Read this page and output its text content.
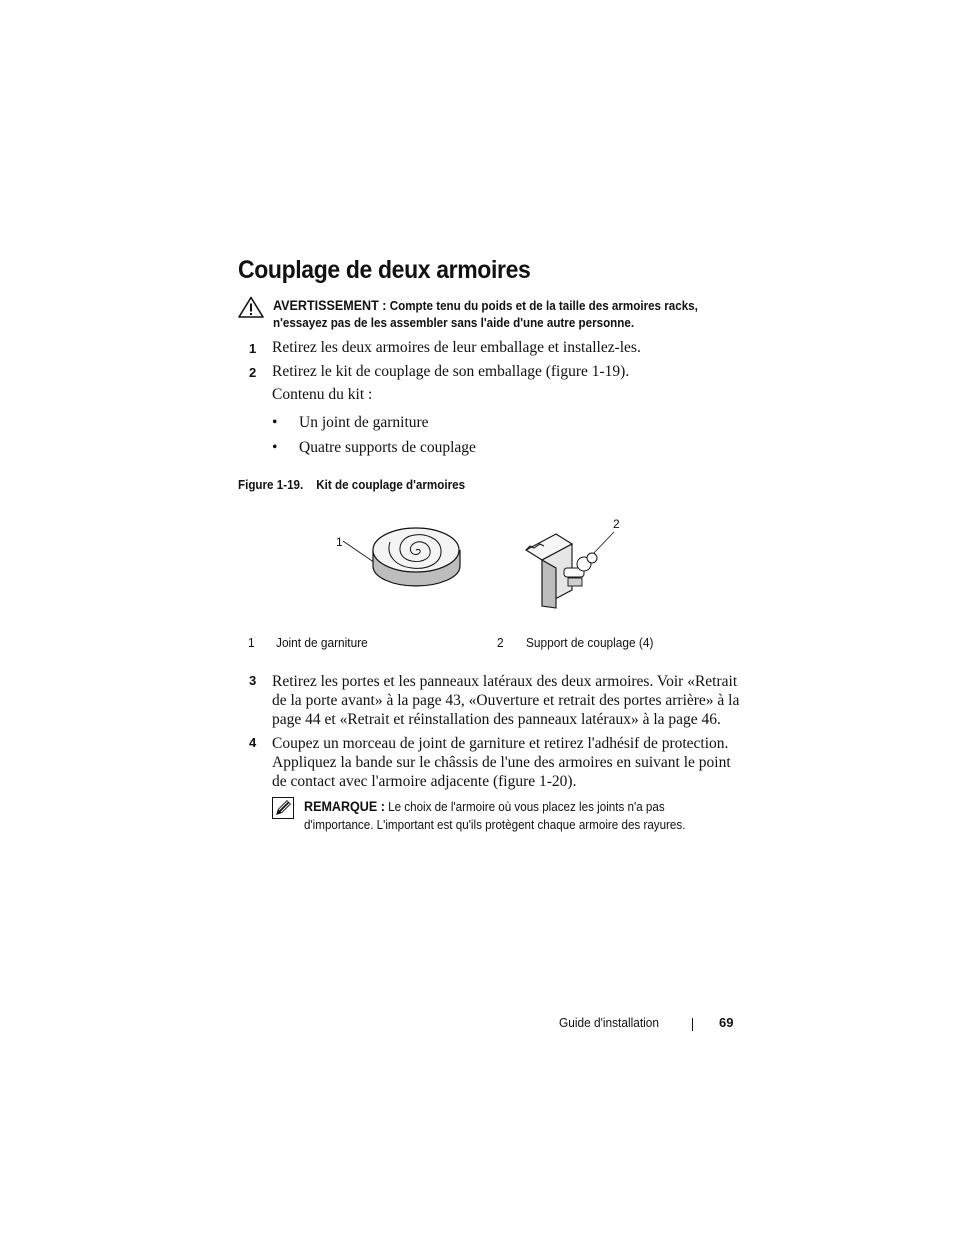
Couplage de deux armoires
AVERTISSEMENT : Compte tenu du poids et de la taille des armoires racks, n'essayez pas de les assembler sans l'aide d'une autre personne.
1 Retirez les deux armoires de leur emballage et installez-les.
2 Retirez le kit de couplage de son emballage (figure 1-19).
Contenu du kit :
• Un joint de garniture
• Quatre supports de couplage
Figure 1-19. Kit de couplage d'armoires
1
2
1 Joint de garniture	2 Support de couplage (4)
3 Retirez les portes et les panneaux latéraux des deux armoires. Voir «Retrait de la porte avant» à la page 43, «Ouverture et retrait des portes arrière» à la page 44 et «Retrait et réinstallation des panneaux latéraux» à la page 46.
4 Coupez un morceau de joint de garniture et retirez l'adhésif de protection. Appliquez la bande sur le châssis de l'une des armoires en suivant le point de contact avec l'armoire adjacente (figure 1-20).
REMARQUE : Le choix de l'armoire où vous placez les joints n'a pas d'importance. L'important est qu'ils protègent chaque armoire des rayures.
Guide d'installation	69
